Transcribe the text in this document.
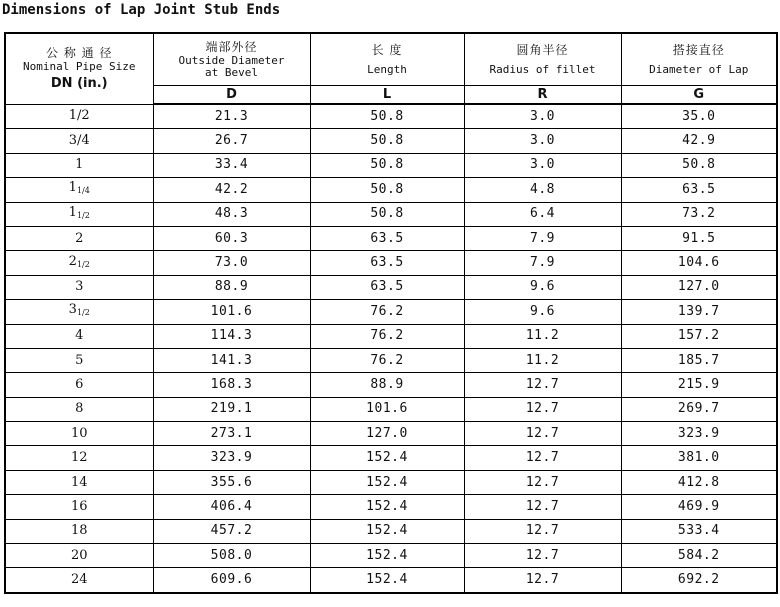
Dimensions of Lap Joint Stub Ends
公 称 通 径
Nominal Pipe Size
DN (in.)	端部外径
Outside Diameter
at Bevel	长 度
Length	圆角半径
Radius of fillet	搭接直径
Diameter of Lap

	D	L	R	G
1/2	21.3	50.8	3.0	35.0
3/4	26.7	50.8	3.0	42.9
1	33.4	50.8	3.0	50.8
11/4	42.2	50.8	4.8	63.5
11/2	48.3	50.8	6.4	73.2
2	60.3	63.5	7.9	91.5
21/2	73.0	63.5	7.9	104.6
3	88.9	63.5	9.6	127.0
31/2	101.6	76.2	9.6	139.7
4	114.3	76.2	11.2	157.2
5	141.3	76.2	11.2	185.7
6	168.3	88.9	12.7	215.9
8	219.1	101.6	12.7	269.7
10	273.1	127.0	12.7	323.9
12	323.9	152.4	12.7	381.0
14	355.6	152.4	12.7	412.8
16	406.4	152.4	12.7	469.9
18	457.2	152.4	12.7	533.4
20	508.0	152.4	12.7	584.2
24	609.6	152.4	12.7	692.2
